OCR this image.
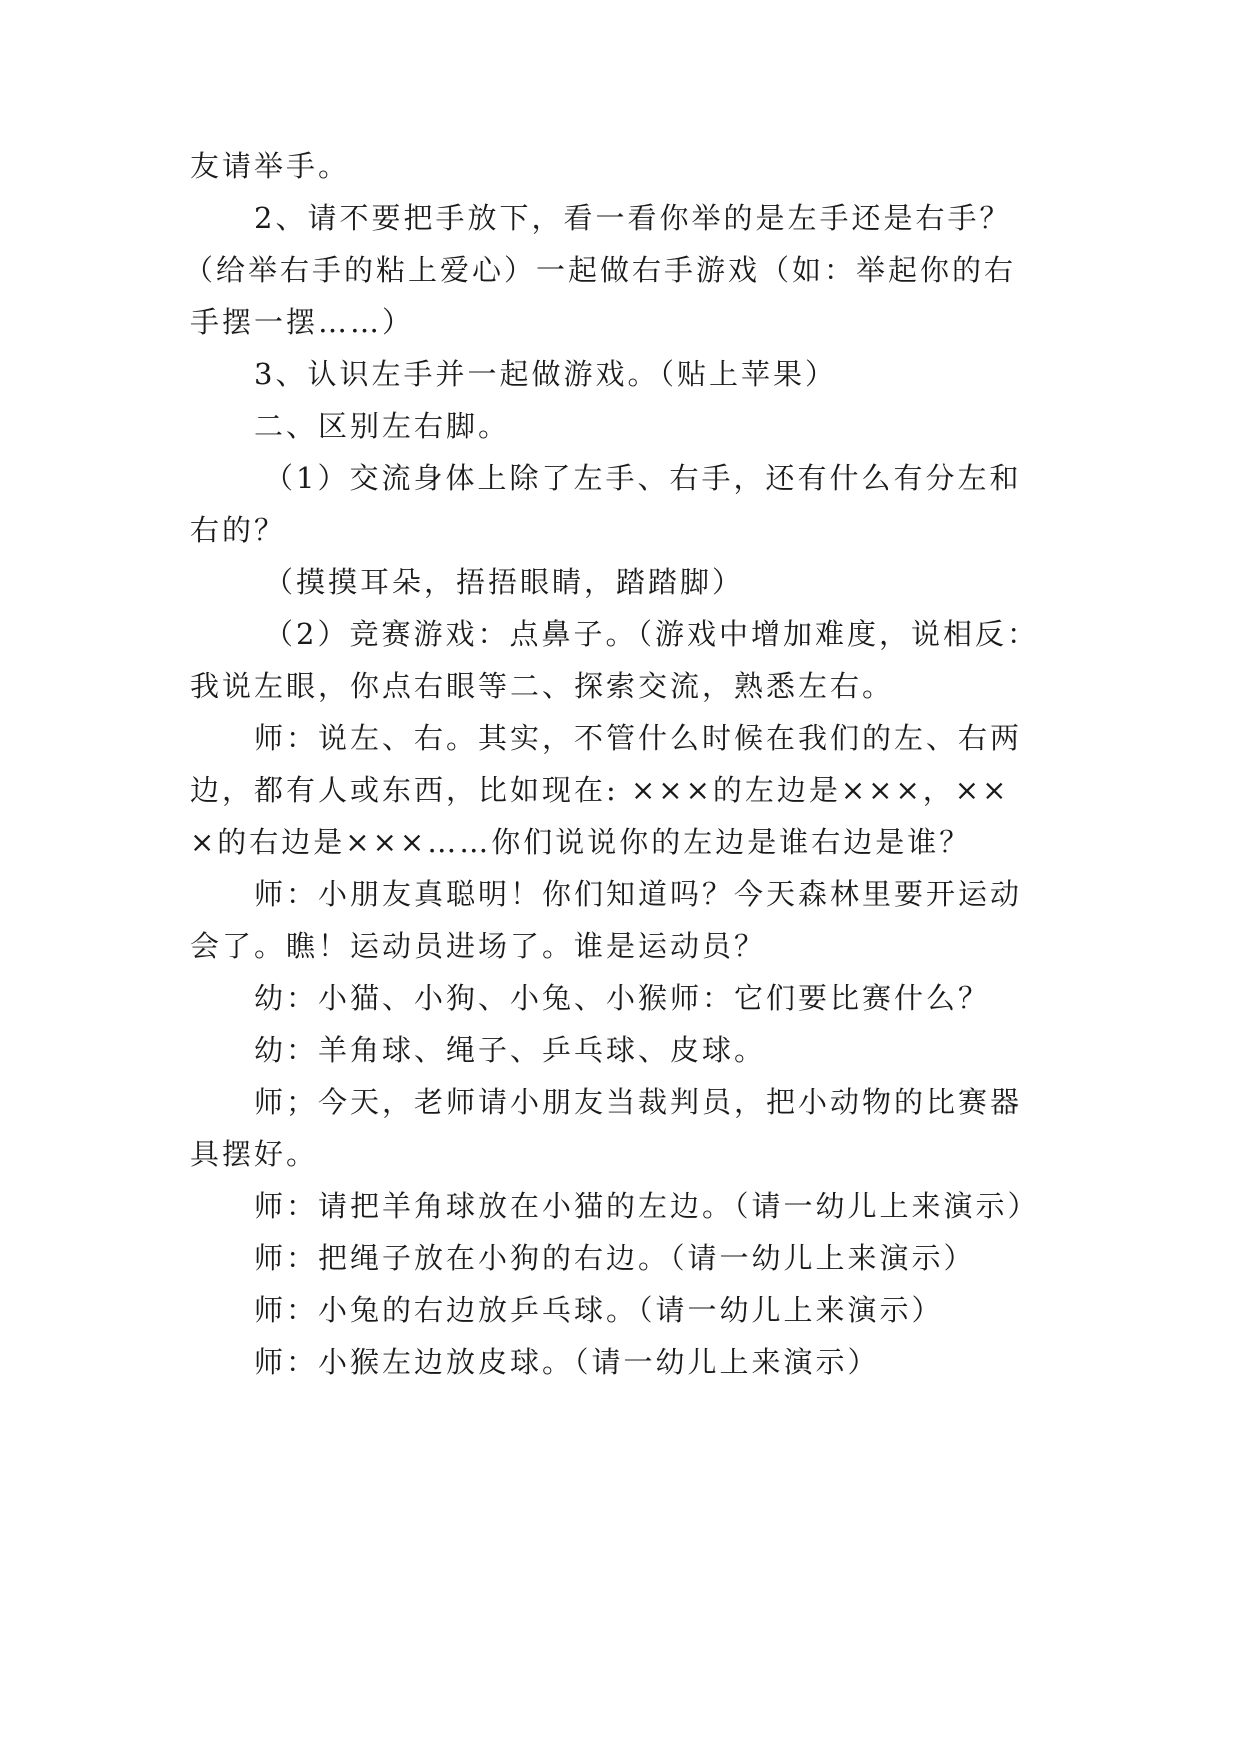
友请举手。
2、请不要把手放下，看一看你举的是左手还是右手？
（给举右手的粘上爱心）一起做右手游戏（如：举起你的右
手摆一摆……）
3、认识左手并一起做游戏。（贴上苹果）
二、区别左右脚。
（1）交流身体上除了左手、右手，还有什么有分左和
右的？
（摸摸耳朵，捂捂眼睛，踏踏脚）
（2）竞赛游戏：点鼻子。（游戏中增加难度，说相反：
我说左眼，你点右眼等二、探索交流，熟悉左右。
师：说左、右。其实，不管什么时候在我们的左、右两
边，都有人或东西，比如现在: ×××的左边是×××，××
×的右边是×××……你们说说你的左边是谁右边是谁？
师：小朋友真聪明！你们知道吗？今天森林里要开运动
会了。瞧！运动员进场了。谁是运动员？
幼：小猫、小狗、小兔、小猴师：它们要比赛什么？
幼：羊角球、绳子、乒乓球、皮球。
师；今天，老师请小朋友当裁判员，把小动物的比赛器
具摆好。
师：请把羊角球放在小猫的左边。（请一幼儿上来演示）
师：把绳子放在小狗的右边。（请一幼儿上来演示）
师：小兔的右边放乒乓球。（请一幼儿上来演示）
师：小猴左边放皮球。（请一幼儿上来演示）
